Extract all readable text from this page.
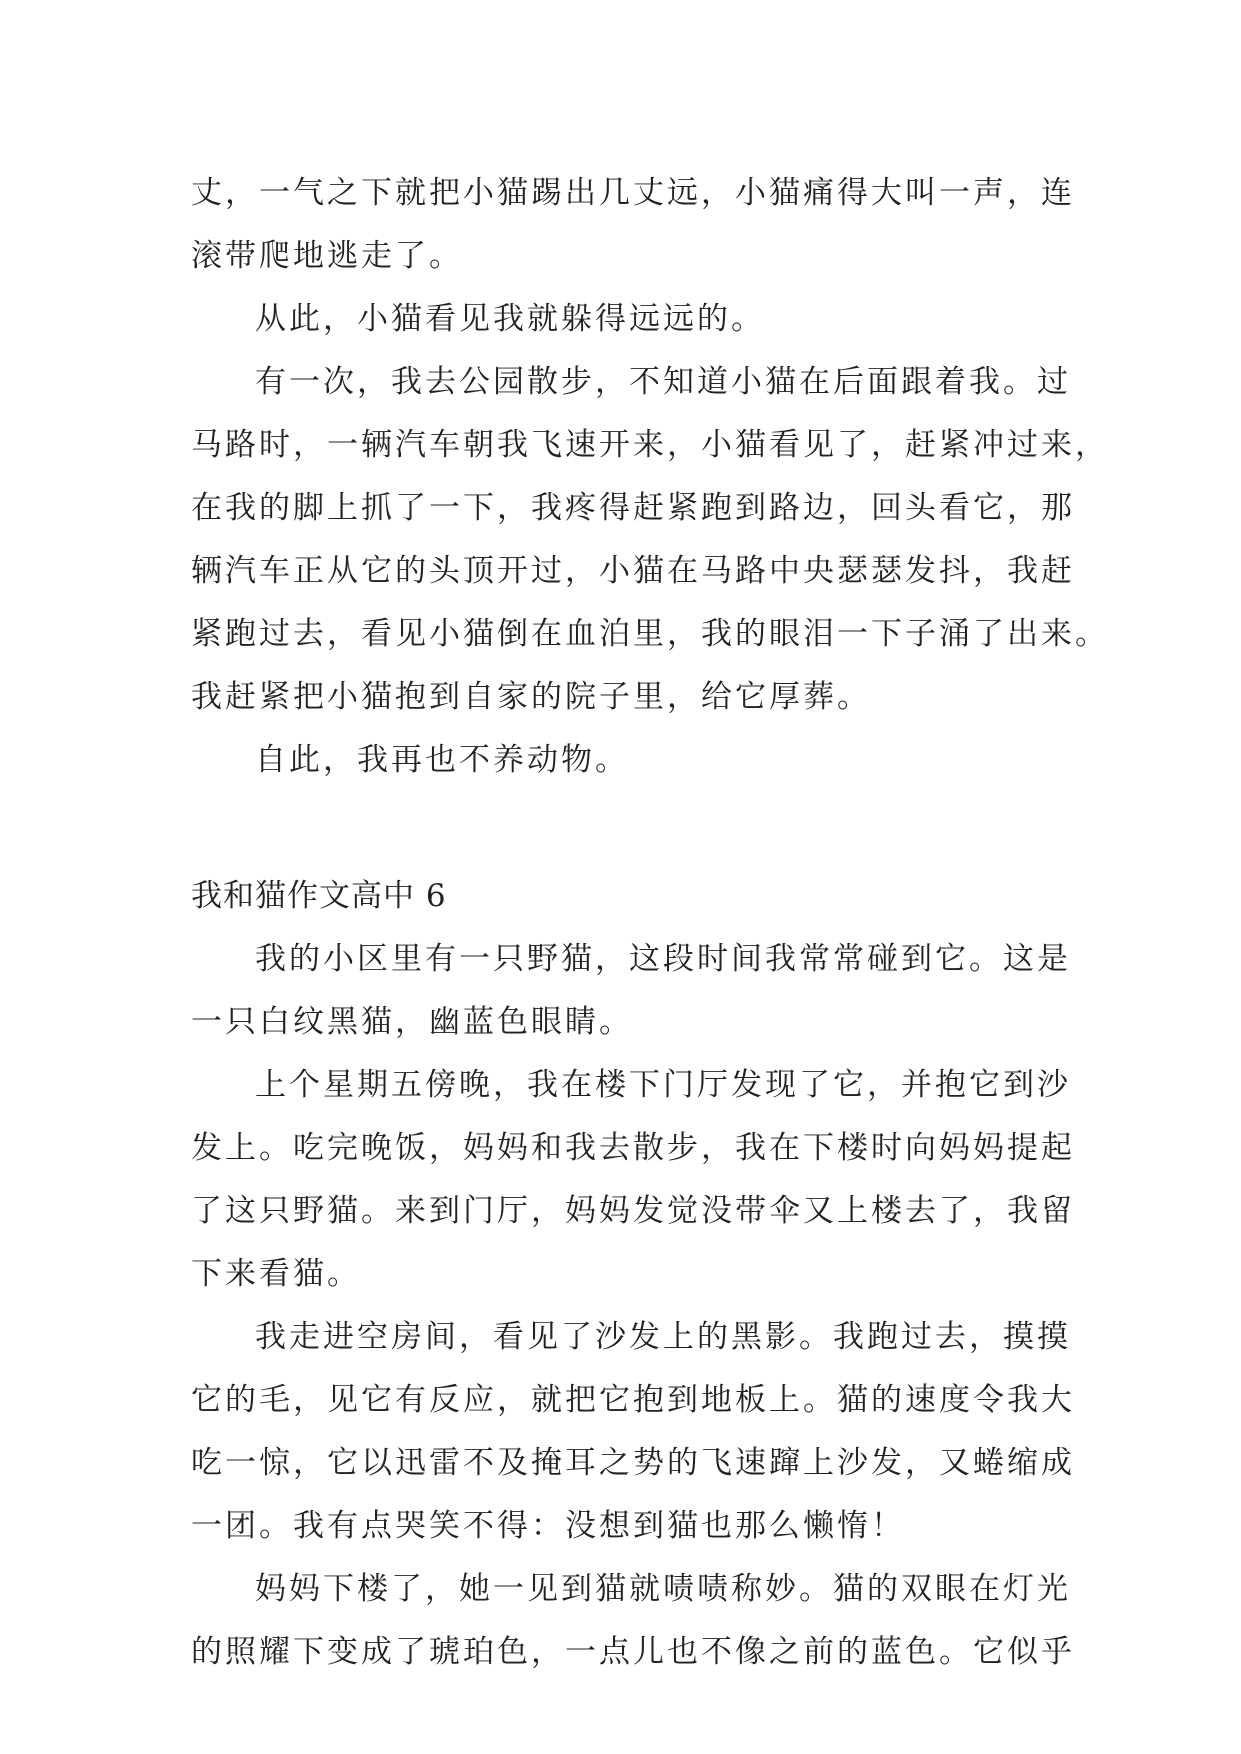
丈，一气之下就把小猫踢出几丈远，小猫痛得大叫一声，连
滚带爬地逃走了。
从此，小猫看见我就躲得远远的。
有一次，我去公园散步，不知道小猫在后面跟着我。过
马路时，一辆汽车朝我飞速开来，小猫看见了，赶紧冲过来，
在我的脚上抓了一下，我疼得赶紧跑到路边，回头看它，那
辆汽车正从它的头顶开过，小猫在马路中央瑟瑟发抖，我赶
紧跑过去，看见小猫倒在血泊里，我的眼泪一下子涌了出来。
我赶紧把小猫抱到自家的院子里，给它厚葬。
自此，我再也不养动物。
我和猫作文高中 6
我的小区里有一只野猫，这段时间我常常碰到它。这是
一只白纹黑猫，幽蓝色眼睛。
上个星期五傍晚，我在楼下门厅发现了它，并抱它到沙
发上。吃完晚饭，妈妈和我去散步，我在下楼时向妈妈提起
了这只野猫。来到门厅，妈妈发觉没带伞又上楼去了，我留
下来看猫。
我走进空房间，看见了沙发上的黑影。我跑过去，摸摸
它的毛，见它有反应，就把它抱到地板上。猫的速度令我大
吃一惊，它以迅雷不及掩耳之势的飞速蹿上沙发，又蜷缩成
一团。我有点哭笑不得：没想到猫也那么懒惰！
妈妈下楼了，她一见到猫就啧啧称妙。猫的双眼在灯光
的照耀下变成了琥珀色，一点儿也不像之前的蓝色。它似乎
